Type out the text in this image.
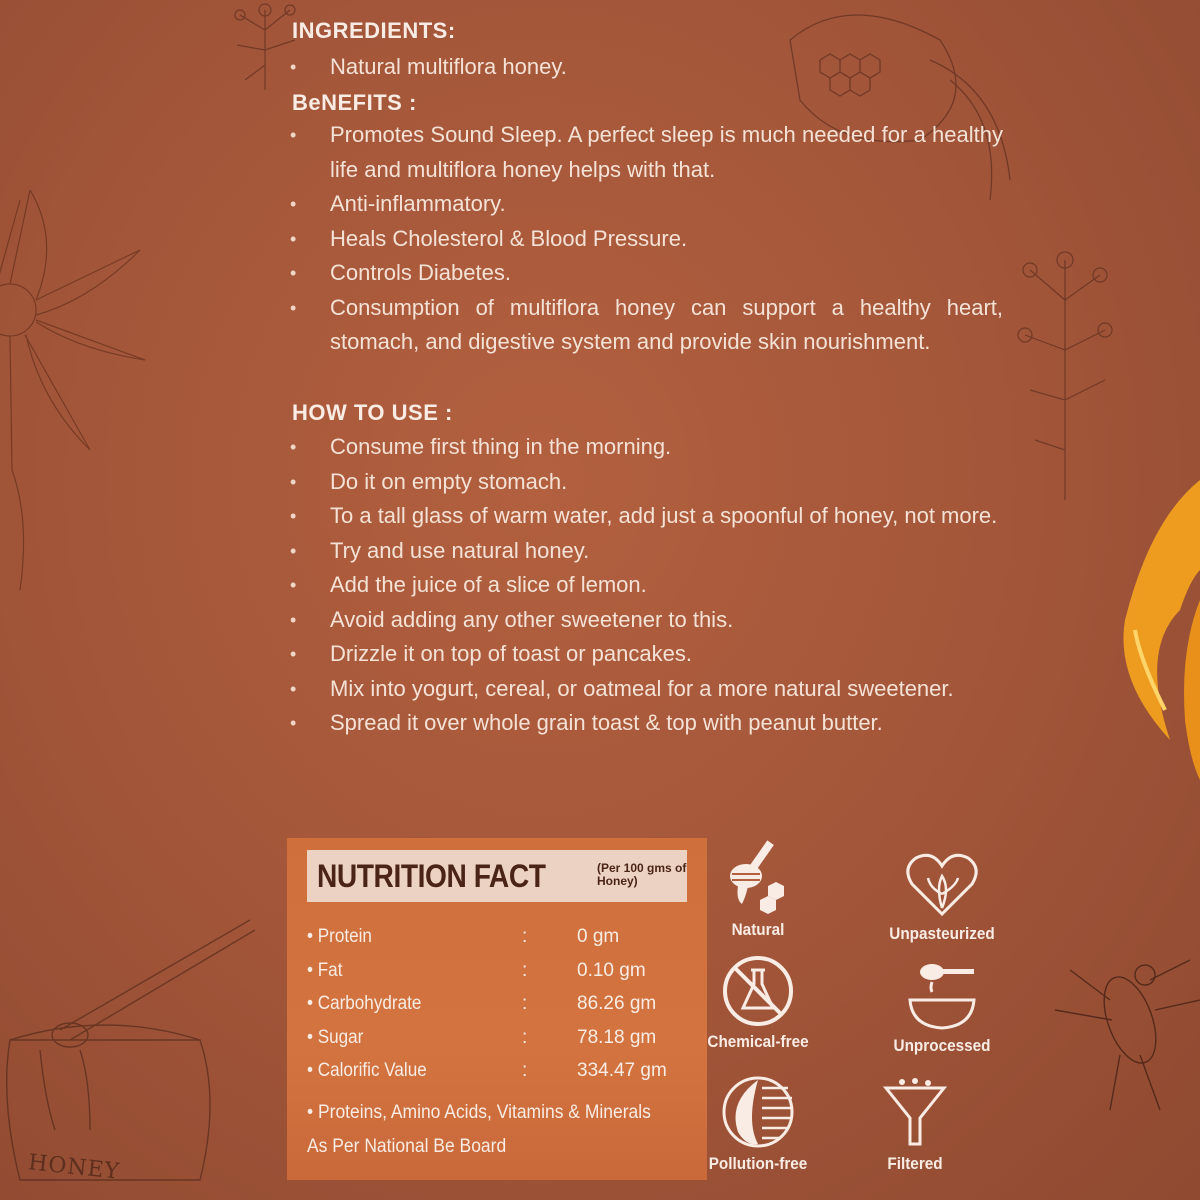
HONEY
INGREDIENTS:
• Natural multiflora honey.
BeNEFITS :
• Promotes Sound Sleep. A perfect sleep is much needed for a healthy life and multiflora honey helps with that.
• Anti-inflammatory.
• Heals Cholesterol & Blood Pressure.
• Controls Diabetes.
• Consumption of multiflora honey can support a healthy heart, stomach, and digestive system and provide skin nourishment.
HOW TO USE :
• Consume first thing in the morning.
• Do it on empty stomach.
• To a tall glass of warm water, add just a spoonful of honey, not more.
• Try and use natural honey.
• Add the juice of a slice of lemon.
• Avoid adding any other sweetener to this.
• Drizzle it on top of toast or pancakes.
• Mix into yogurt, cereal, or oatmeal for a more natural sweetener.
• Spread it over whole grain toast & top with peanut butter.
NUTRITION FACT	(Per 100 gms of Honey)
• Protein	:	0 gm
• Fat	:	0.10 gm
• Carbohydrate	:	86.26 gm
• Sugar	:	78.18 gm
• Calorific Value	:	334.47 gm
• Proteins, Amino Acids, Vitamins & Minerals As Per National Be Board
Natural	Unpasteurized
Chemical-free	Unprocessed
Pollution-free	Filtered
